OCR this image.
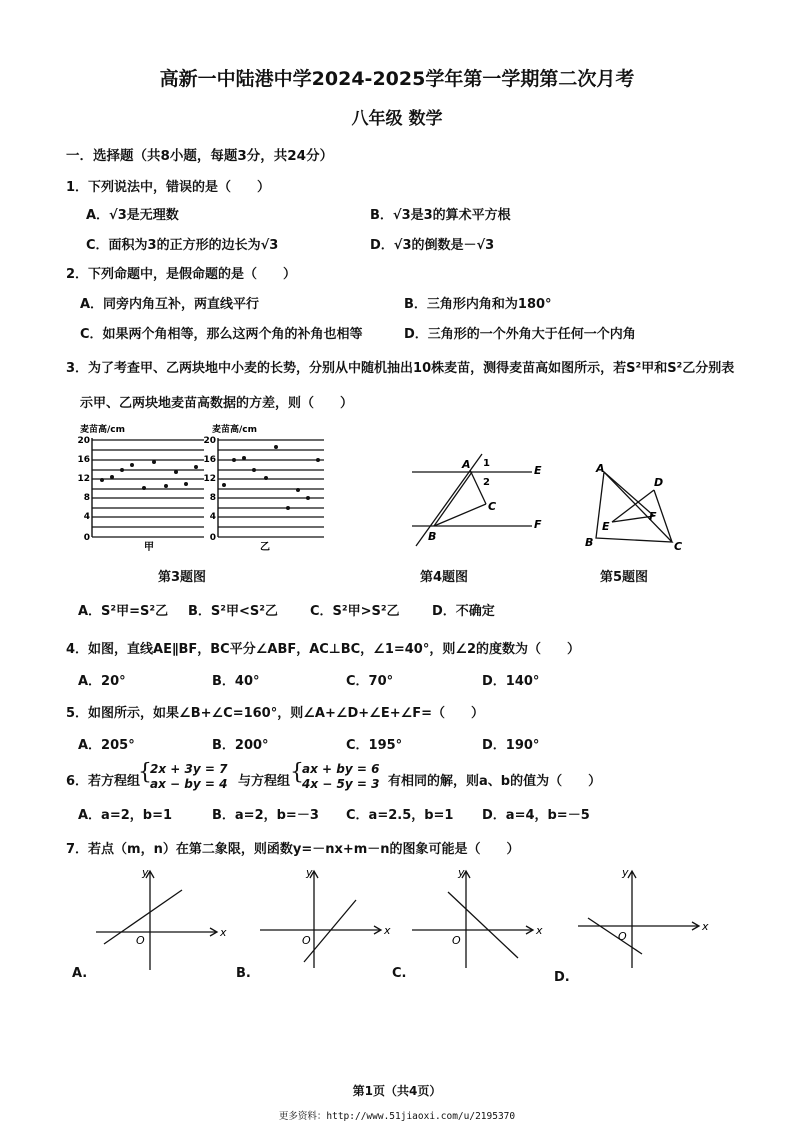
高新一中陆港中学2024-2025学年第一学期第二次月考
八年级 数学
一．选择题（共8小题，每题3分，共24分）
1．下列说法中，错误的是（　　）
A．√3是无理数	B．√3是3的算术平方根
C．面积为3的正方形的边长为√3	D．√3的倒数是－√3
2．下列命题中，是假命题的是（　　）
A．同旁内角互补，两直线平行	B．三角形内角和为180°
C．如果两个角相等，那么这两个角的补角也相等	D．三角形的一个外角大于任何一个内角
3．为了考查甲、乙两块地中小麦的长势，分别从中随机抽出10株麦苗，测得麦苗高如图所示，若S²甲和S²乙分别表
示甲、乙两块地麦苗高数据的方差，则（　　）
麦苗高/cm
20
16
12
8
4
0
甲
麦苗高/cm
20
16
12
8
4
0
乙
A 1
2
E
C
B
F
A
B	C
D
E
F
第3题图	第4题图	第5题图
A．S²甲=S²乙 B．S²甲<S²乙 C．S²甲>S²乙 D．不确定
4．如图，直线AE∥BF，BC平分∠ABF，AC⊥BC，∠1=40°，则∠2的度数为（　　）
A．20°	B．40°	C．70°	D．140°
5．如图所示，如果∠B+∠C=160°，则∠A+∠D+∠E+∠F=（　　）
A．205°	B．200°	C．195°	D．190°
6．若方程组
{
2x + 3y = 7
ax − by = 4 与方程组 {
ax + by = 6
4x − 5y = 3 有相同的解，则a、b的值为（　　）
A．a=2，b=1	B．a=2，b=－3 C．a=2.5，b=1 D．a=4，b=－5
7．若点（m，n）在第二象限，则函数y=－nx+m－n的图象可能是（　　）
x
y
O
A.
x
y
O
B.
x
y
O
C.
x
y
O
D.
第1页（共4页）
更多资料：http://www.51jiaoxi.com/u/2195370
